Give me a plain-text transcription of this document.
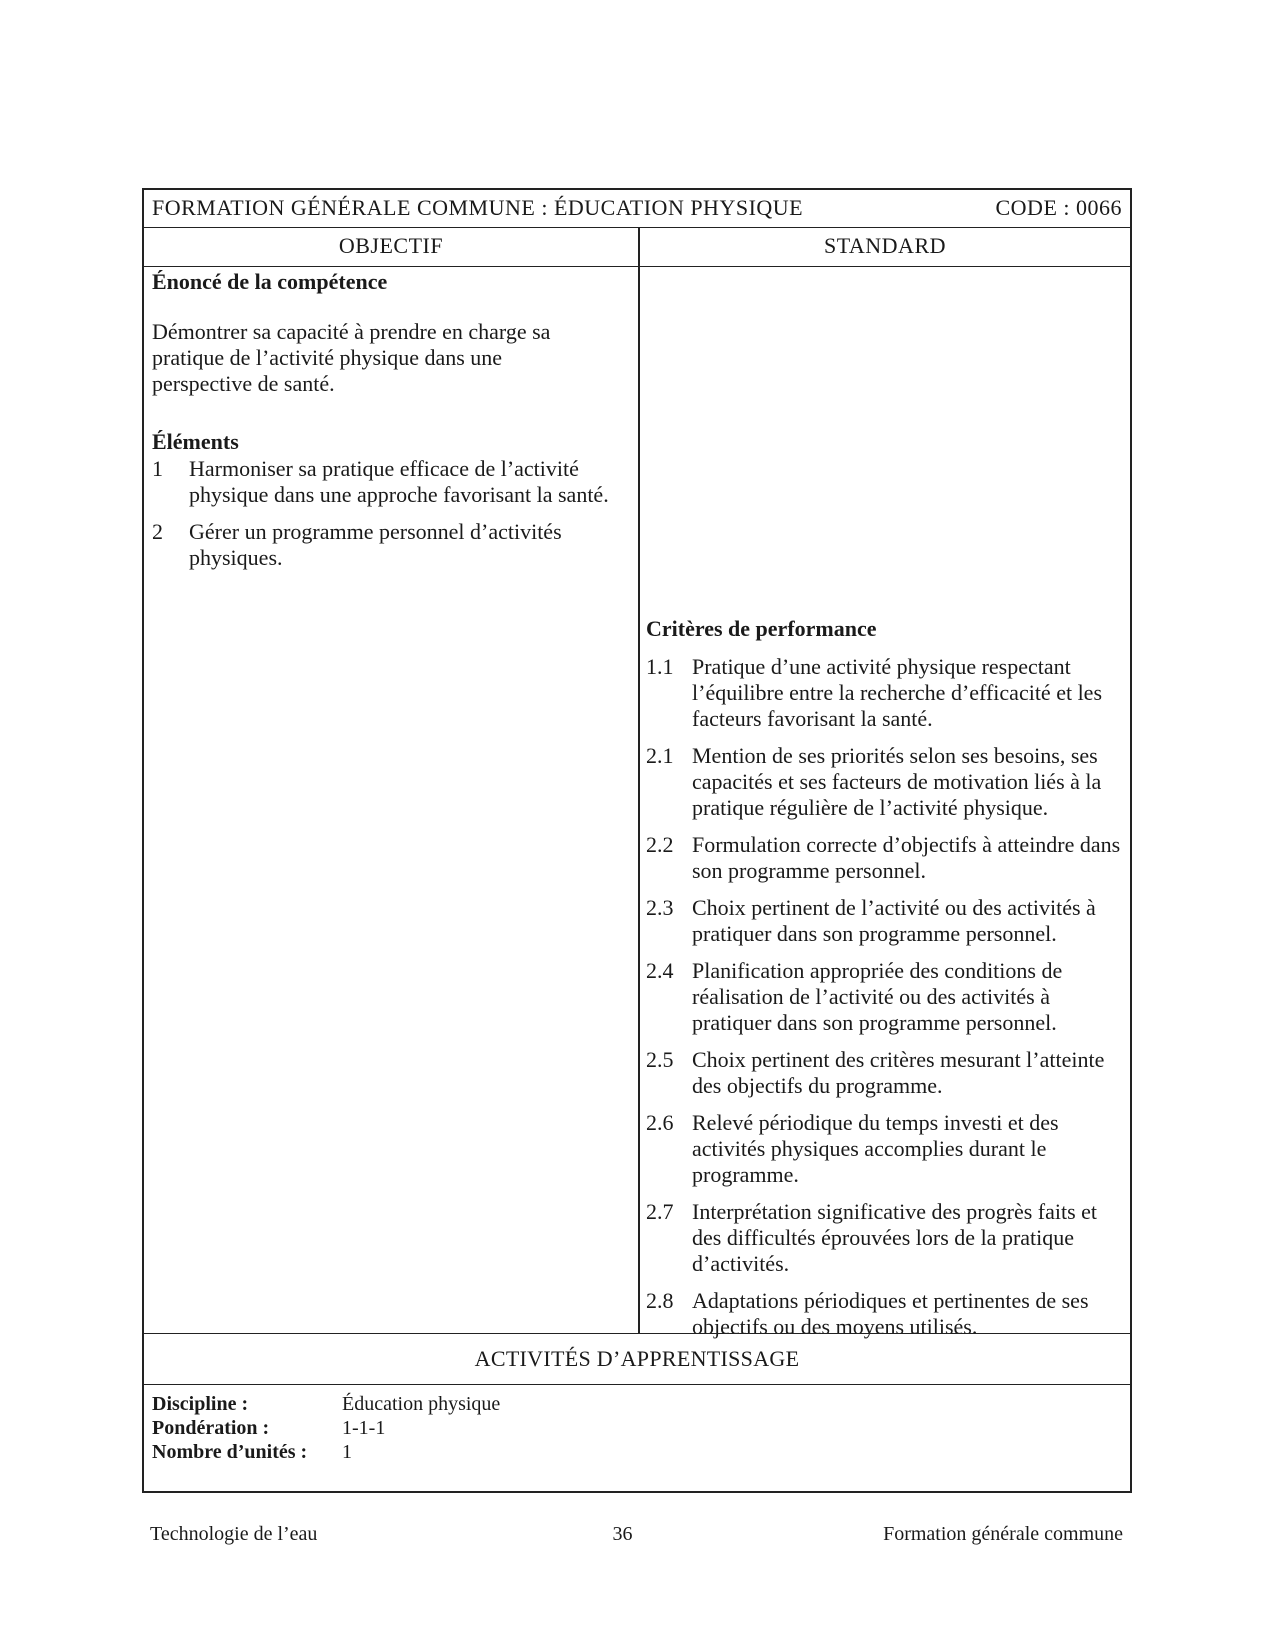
FORMATION GÉNÉRALE COMMUNE : ÉDUCATION PHYSIQUE	CODE : 0066
OBJECTIF	STANDARD
Énoncé de la compétence
Démontrer sa capacité à prendre en charge sa pratique de l’activité physique dans une perspective de santé.
Éléments
1	Harmoniser sa pratique efficace de l’activité physique dans une approche favorisant la santé.
2	Gérer un programme personnel d’activités physiques.
Critères de performance
1.1 Pratique d’une activité physique respectant l’équilibre entre la recherche d’efficacité et les facteurs favorisant la santé.
2.1 Mention de ses priorités selon ses besoins, ses capacités et ses facteurs de motivation liés à la pratique régulière de l’activité physique.
2.2 Formulation correcte d’objectifs à atteindre dans son programme personnel.
2.3 Choix pertinent de l’activité ou des activités à pratiquer dans son programme personnel.
2.4 Planification appropriée des conditions de réalisation de l’activité ou des activités à pratiquer dans son programme personnel.
2.5 Choix pertinent des critères mesurant l’atteinte des objectifs du programme.
2.6 Relevé périodique du temps investi et des activités physiques accomplies durant le programme.
2.7 Interprétation significative des progrès faits et des difficultés éprouvées lors de la pratique d’activités.
2.8 Adaptations périodiques et pertinentes de ses objectifs ou des moyens utilisés.
ACTIVITÉS D’APPRENTISSAGE
Discipline :	Éducation physique
Pondération :	1-1-1
Nombre d’unités :	1
Technologie de l’eau	36	Formation générale commune
